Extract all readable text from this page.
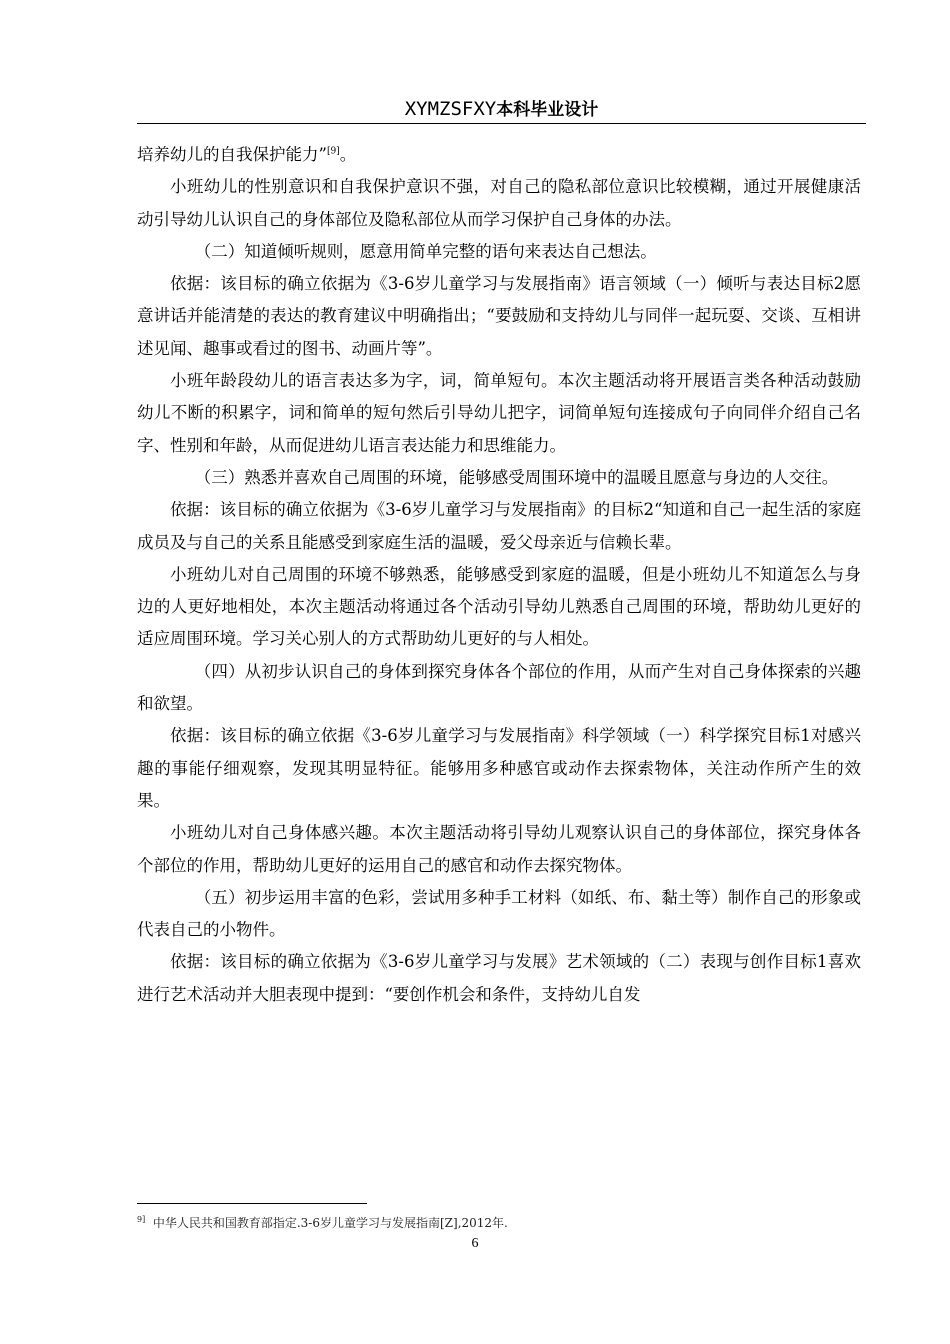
XYMZSFXY本科毕业设计

培养幼儿的自我保护能力”[9]。

小班幼儿的性别意识和自我保护意识不强，对自己的隐私部位意识比较模糊，通过开展健康活动引导幼儿认识自己的身体部位及隐私部位从而学习保护自己身体的办法。

（二）知道倾听规则，愿意用简单完整的语句来表达自己想法。

依据：该目标的确立依据为《3-6岁儿童学习与发展指南》语言领域（一）倾听与表达目标2愿意讲话并能清楚的表达的教育建议中明确指出；“要鼓励和支持幼儿与同伴一起玩耍、交谈、互相讲述见闻、趣事或看过的图书、动画片等”。

小班年龄段幼儿的语言表达多为字，词，简单短句。本次主题活动将开展语言类各种活动鼓励幼儿不断的积累字，词和简单的短句然后引导幼儿把字，词简单短句连接成句子向同伴介绍自己名字、性别和年龄，从而促进幼儿语言表达能力和思维能力。

（三）熟悉并喜欢自己周围的环境，能够感受周围环境中的温暖且愿意与身边的人交往。

依据：该目标的确立依据为《3-6岁儿童学习与发展指南》的目标2“知道和自己一起生活的家庭成员及与自己的关系且能感受到家庭生活的温暖，爱父母亲近与信赖长辈。

小班幼儿对自己周围的环境不够熟悉，能够感受到家庭的温暖，但是小班幼儿不知道怎么与身边的人更好地相处，本次主题活动将通过各个活动引导幼儿熟悉自己周围的环境，帮助幼儿更好的适应周围环境。学习关心别人的方式帮助幼儿更好的与人相处。

（四）从初步认识自己的身体到探究身体各个部位的作用，从而产生对自己身体探索的兴趣和欲望。

依据：该目标的确立依据《3-6岁儿童学习与发展指南》科学领域（一）科学探究目标1对感兴趣的事能仔细观察，发现其明显特征。能够用多种感官或动作去探索物体，关注动作所产生的效果。

小班幼儿对自己身体感兴趣。本次主题活动将引导幼儿观察认识自己的身体部位，探究身体各个部位的作用，帮助幼儿更好的运用自己的感官和动作去探究物体。

（五）初步运用丰富的色彩，尝试用多种手工材料（如纸、布、黏土等）制作自己的形象或代表自己的小物件。

依据：该目标的确立依据为《3-6岁儿童学习与发展》艺术领域的（二）表现与创作目标1喜欢进行艺术活动并大胆表现中提到：“要创作机会和条件，支持幼儿自发

$^{9]}$ 中华人民共和国教育部指定.3-6岁儿童学习与发展指南[Z],2012年.
6
